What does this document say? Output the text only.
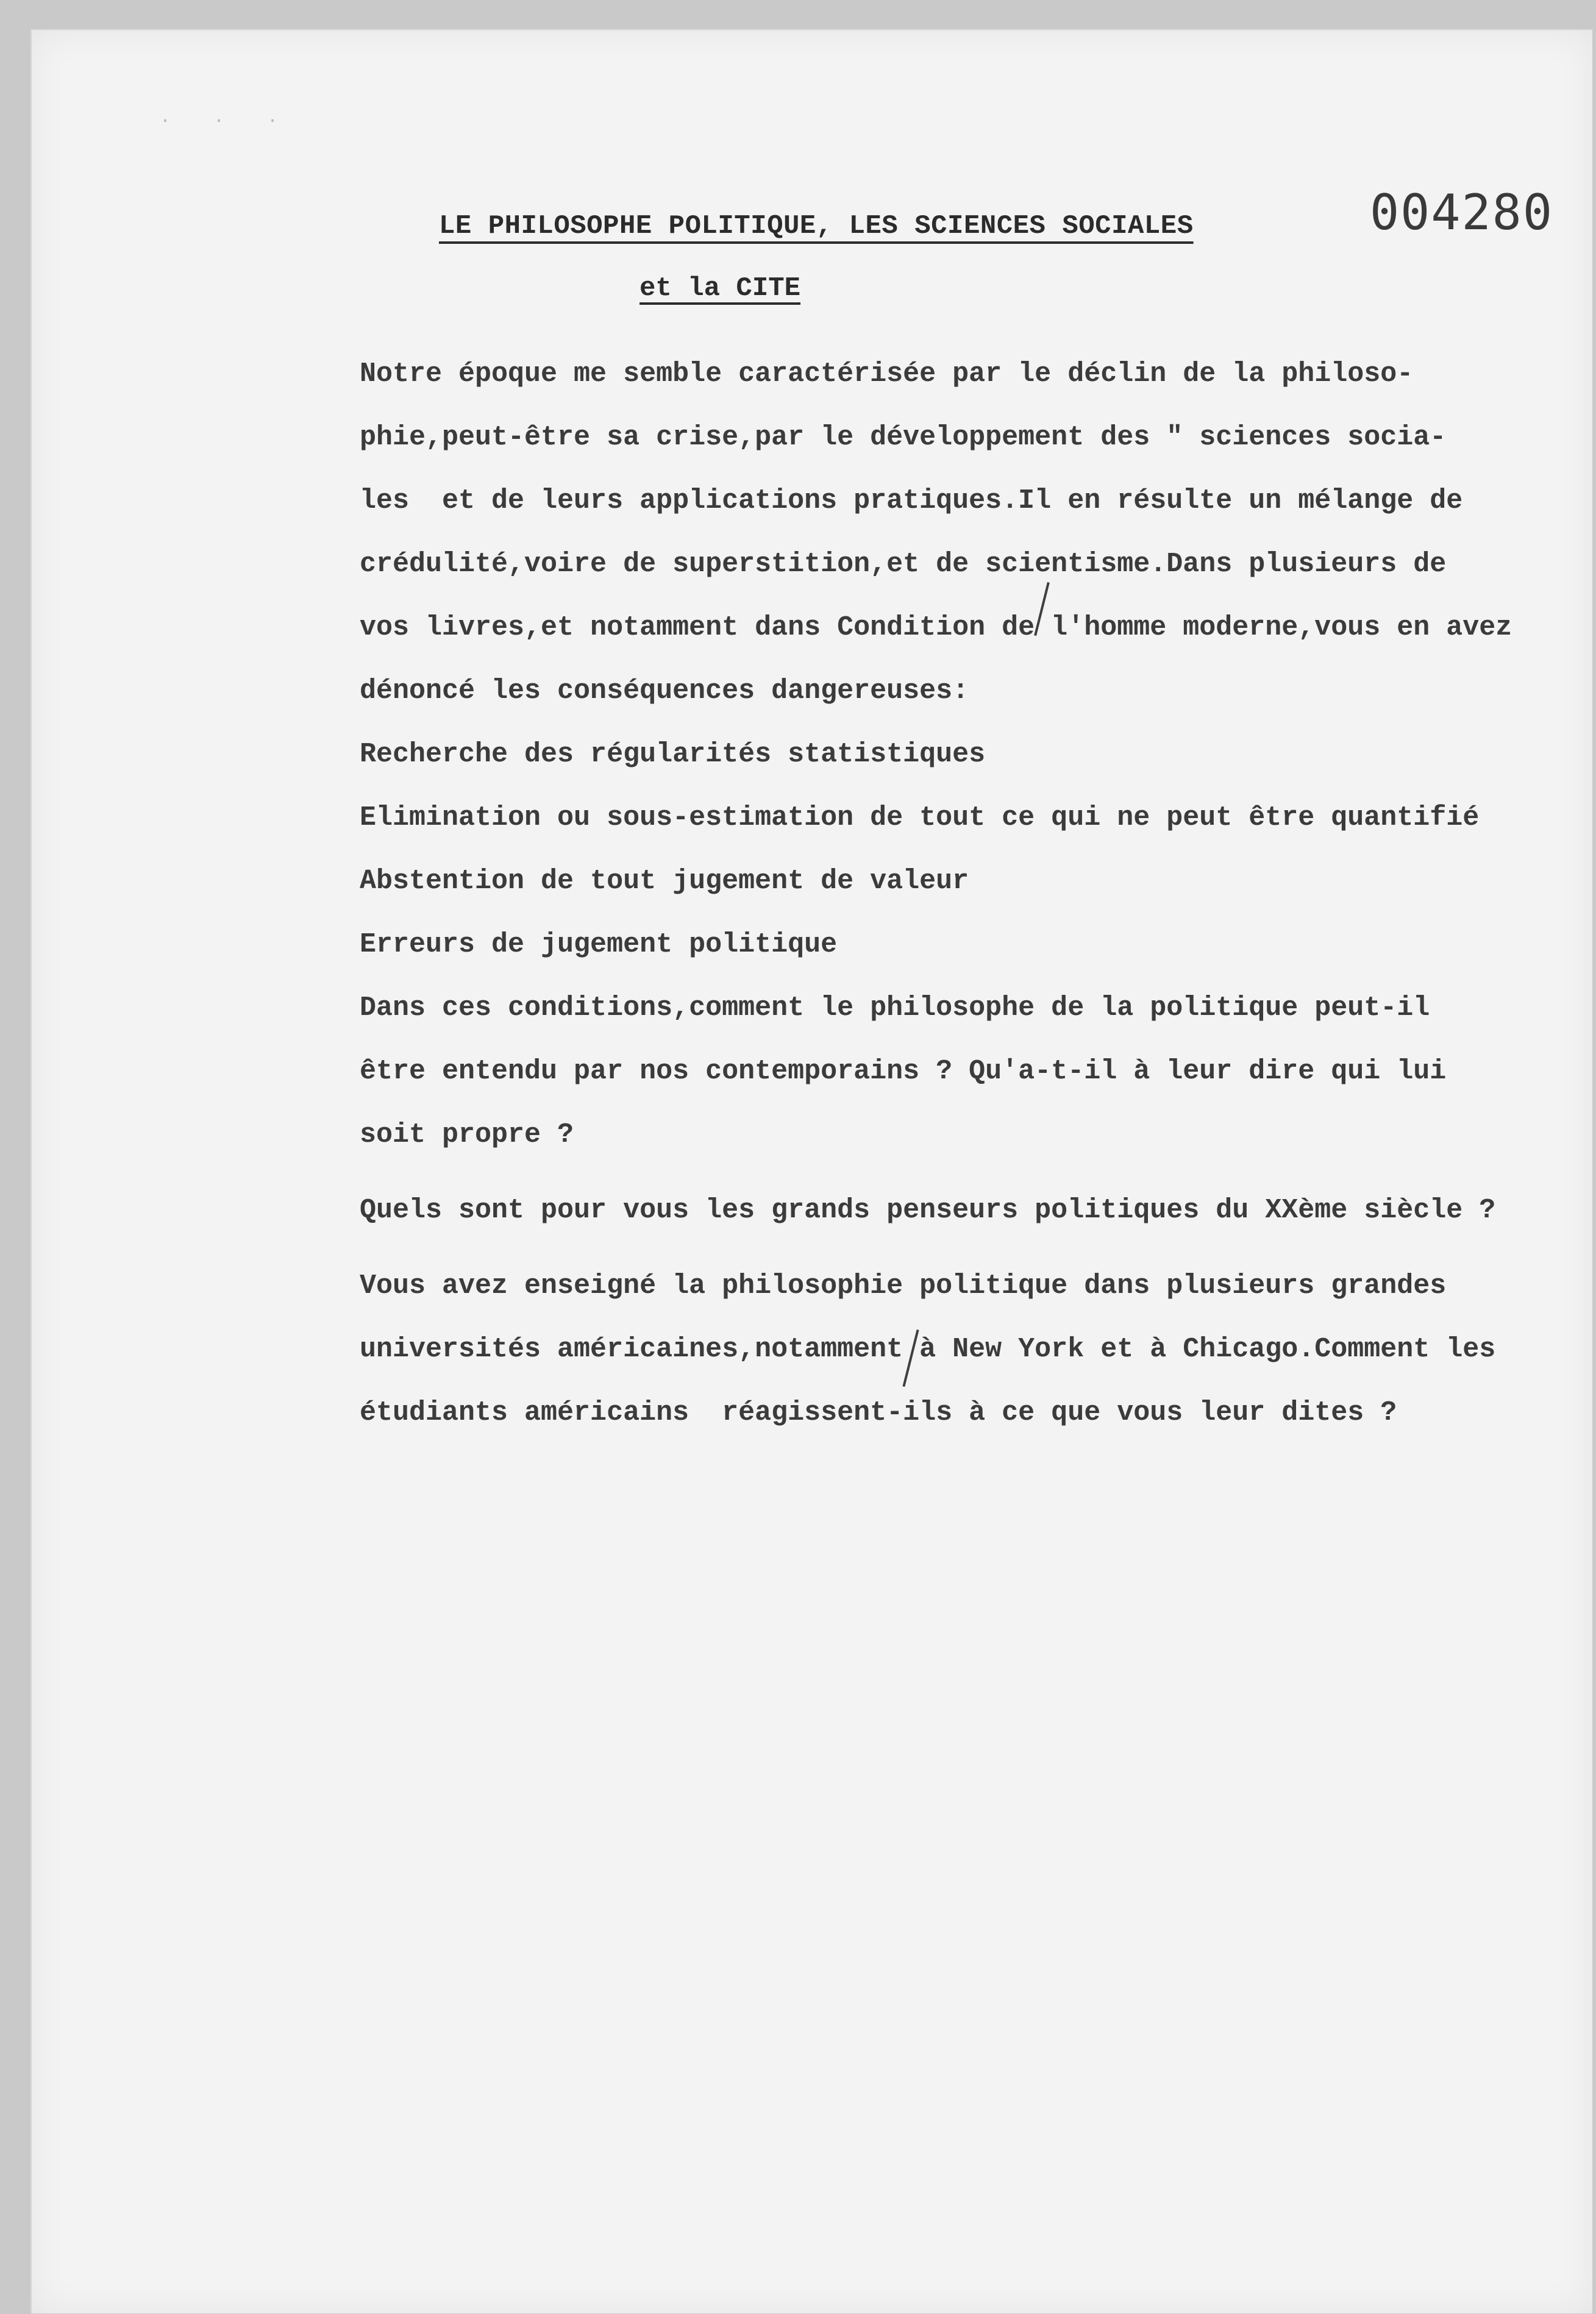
. . .
004280
LE PHILOSOPHE POLITIQUE, LES SCIENCES SOCIALES
et la CITE
Notre époque me semble caractérisée par le déclin de la philoso-
phie,peut-être sa crise,par le développement des " sciences socia-
les  et de leurs applications pratiques.Il en résulte un mélange de
crédulité,voire de superstition,et de scientisme.Dans plusieurs de
vos livres,et notamment dans Condition de l'homme moderne,vous en avez
dénoncé les conséquences dangereuses:
Recherche des régularités statistiques
Elimination ou sous-estimation de tout ce qui ne peut être quantifié
Abstention de tout jugement de valeur
Erreurs de jugement politique
Dans ces conditions,comment le philosophe de la politique peut-il
être entendu par nos contemporains ? Qu'a-t-il à leur dire qui lui
soit propre ?
Quels sont pour vous les grands penseurs politiques du XXème siècle ?
Vous avez enseigné la philosophie politique dans plusieurs grandes
universités américaines,notamment à New York et à Chicago.Comment les
étudiants américains  réagissent-ils à ce que vous leur dites ?
